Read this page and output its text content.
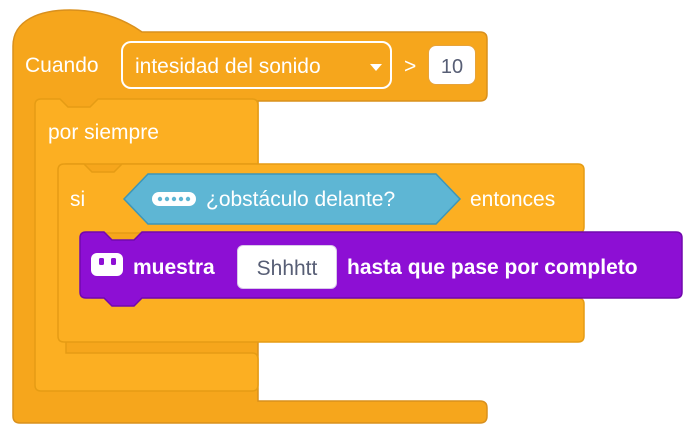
Cuando intesidad del sonido	>	10
por siempre
si	¿obstáculo delante?	entonces
muestra	Shhhtt	hasta que pase por completo
